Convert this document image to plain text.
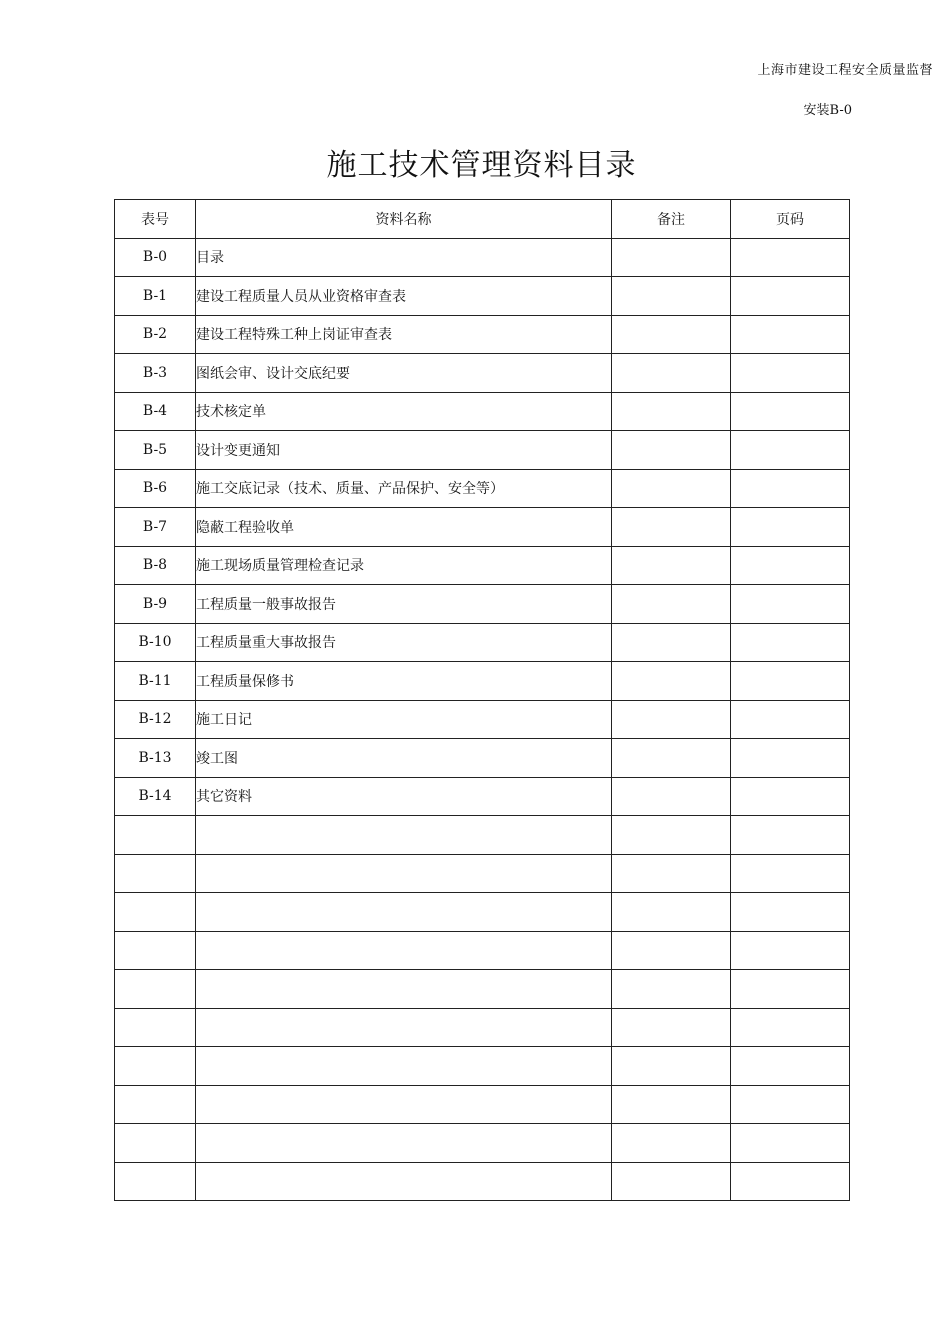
上海市建设工程安全质量监督
安装B-0
施工技术管理资料目录
表号	资料名称	备注	页码
B-0	目录		
B-1	建设工程质量人员从业资格审查表		
B-2	建设工程特殊工种上岗证审查表		
B-3	图纸会审、设计交底纪要		
B-4	技术核定单		
B-5	设计变更通知		
B-6	施工交底记录（技术、质量、产品保护、安全等）		
B-7	隐蔽工程验收单		
B-8	施工现场质量管理检查记录		
B-9	工程质量一般事故报告		
B-10	工程质量重大事故报告		
B-11	工程质量保修书		
B-12	施工日记		
B-13	竣工图		
B-14	其它资料		
